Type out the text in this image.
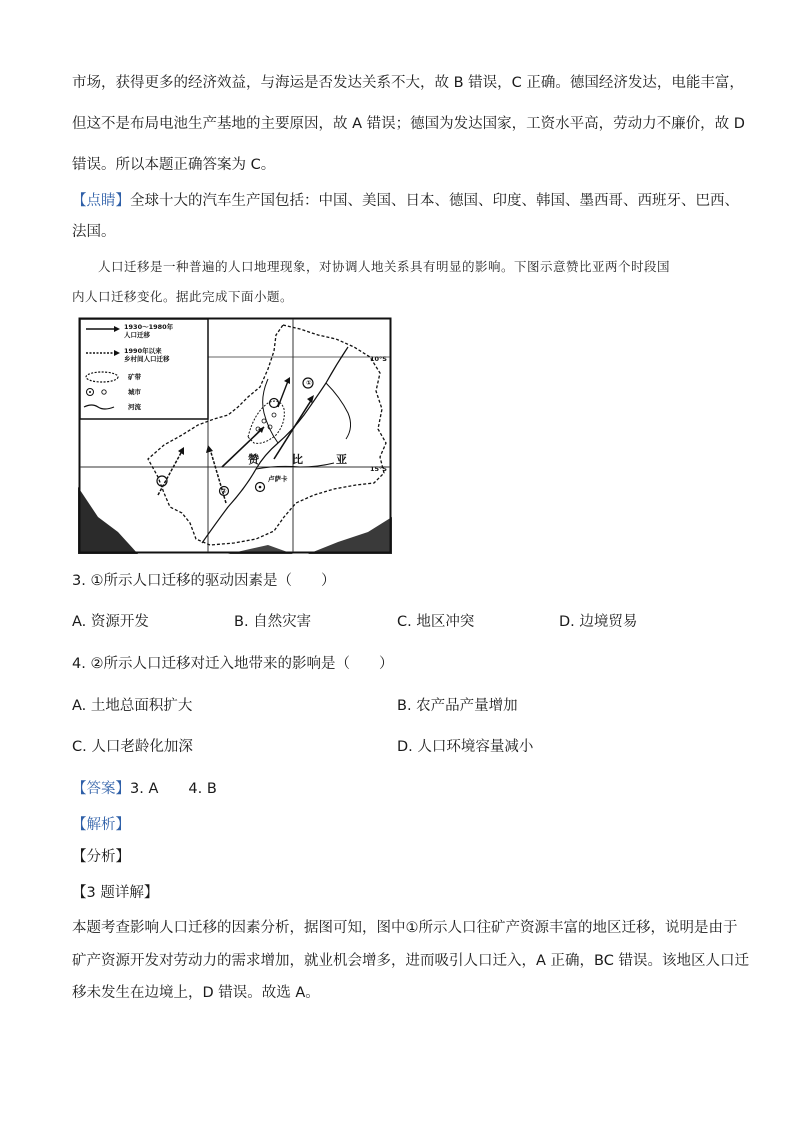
市场，获得更多的经济效益，与海运是否发达关系不大，故 B 错误，C 正确。德国经济发达，电能丰富，
但这不是布局电池生产基地的主要原因，故 A 错误；德国为发达国家，工资水平高，劳动力不廉价，故 D
错误。所以本题正确答案为 C。
【点睛】全球十大的汽车生产国包括：中国、美国、日本、德国、印度、韩国、墨西哥、西班牙、巴西、
法国。
人口迁移是一种普遍的人口地理现象，对协调人地关系具有明显的影响。下图示意赞比亚两个时段国
内人口迁移变化。据此完成下面小题。
1930～1980年
人口迁移
1990年以来
乡村间人口迁移
矿带
城市
河流
①
②
赞	比	亚
卢萨卡
10°S
15°S
3. ①所示人口迁移的驱动因素是（　　）
A. 资源开发	B. 自然灾害	C. 地区冲突	D. 边境贸易
4. ②所示人口迁移对迁入地带来的影响是（　　）
A. 土地总面积扩大	B. 农产品产量增加
C. 人口老龄化加深	D. 人口环境容量减小
【答案】3. A 4. B
【解析】
【分析】
【3 题详解】
本题考查影响人口迁移的因素分析，据图可知，图中①所示人口往矿产资源丰富的地区迁移，说明是由于
矿产资源开发对劳动力的需求增加，就业机会增多，进而吸引人口迁入，A 正确，BC 错误。该地区人口迁
移未发生在边境上，D 错误。故选 A。
